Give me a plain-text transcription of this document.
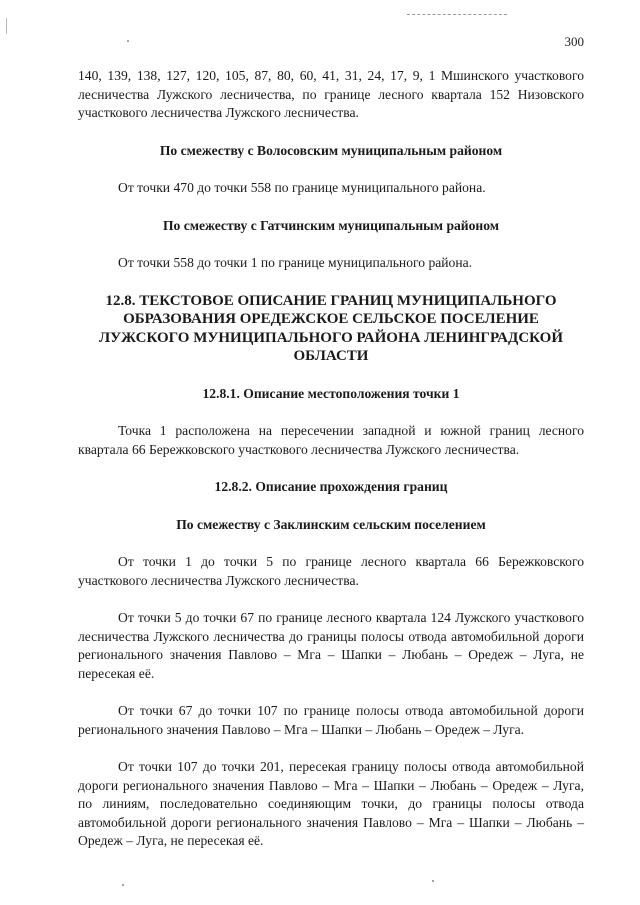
300

140, 139, 138, 127, 120, 105, 87, 80, 60, 41, 31, 24, 17, 9, 1 Мшинского участкового лесничества Лужского лесничества, по границе лесного квартала 152 Низовского участкового лесничества Лужского лесничества.

По смежеству с Волосовским муниципальным районом

От точки 470 до точки 558 по границе муниципального района.

По смежеству с Гатчинским муниципальным районом

От точки 558 до точки 1 по границе муниципального района.

12.8. ТЕКСТОВОЕ ОПИСАНИЕ ГРАНИЦ МУНИЦИПАЛЬНОГО ОБРАЗОВАНИЯ ОРЕДЕЖСКОЕ СЕЛЬСКОЕ ПОСЕЛЕНИЕ ЛУЖСКОГО МУНИЦИПАЛЬНОГО РАЙОНА ЛЕНИНГРАДСКОЙ ОБЛАСТИ

12.8.1. Описание местоположения точки 1

Точка 1 расположена на пересечении западной и южной границ лесного квартала 66 Бережковского участкового лесничества Лужского лесничества.

12.8.2. Описание прохождения границ

По смежеству с Заклинским сельским поселением

От точки 1 до точки 5 по границе лесного квартала 66 Бережковского участкового лесничества Лужского лесничества.

От точки 5 до точки 67 по границе лесного квартала 124 Лужского участкового лесничества Лужского лесничества до границы полосы отвода автомобильной дороги регионального значения Павлово – Мга – Шапки – Любань – Оредеж – Луга, не пересекая её.

От точки 67 до точки 107 по границе полосы отвода автомобильной дороги регионального значения Павлово – Мга – Шапки – Любань – Оредеж – Луга.

От точки 107 до точки 201, пересекая границу полосы отвода автомобильной дороги регионального значения Павлово – Мга – Шапки – Любань – Оредеж – Луга, по линиям, последовательно соединяющим точки, до границы полосы отвода автомобильной дороги регионального значения Павлово – Мга – Шапки – Любань – Оредеж – Луга, не пересекая её.
